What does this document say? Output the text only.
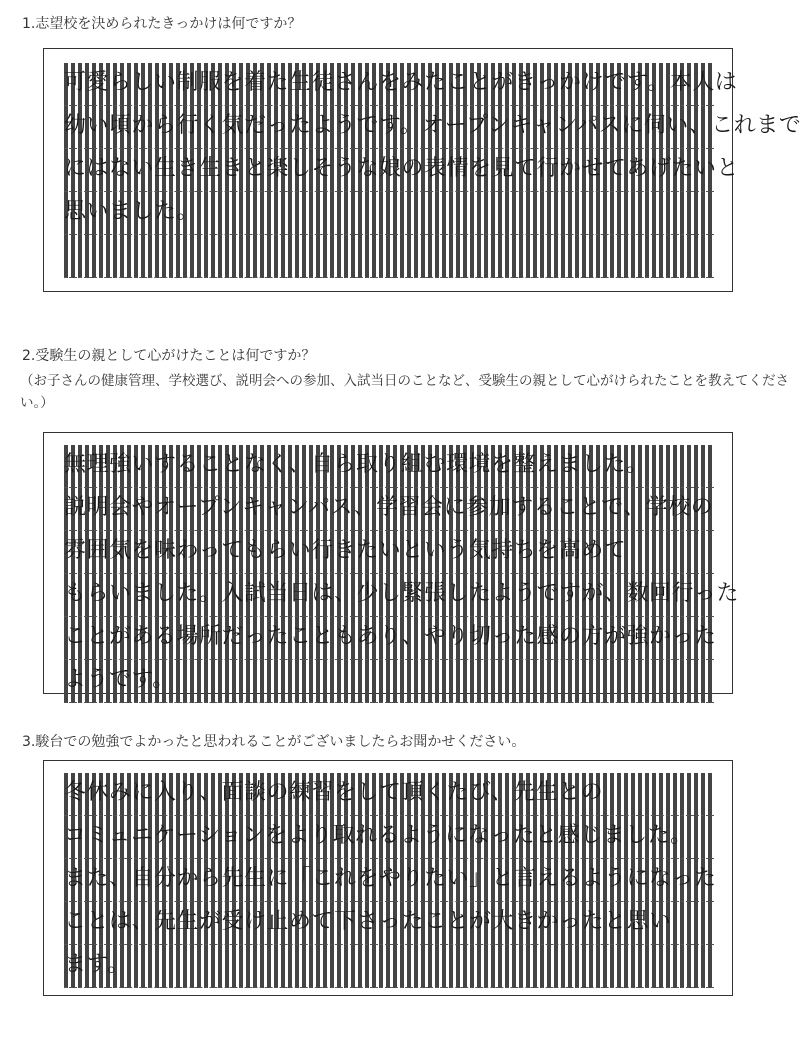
1.志望校を決められたきっかけは何ですか？
可愛らしい制服を着た生徒さんをみたことがきっかけです。本人は
幼い頃から行く気だったようです。オープンキャンパスに伺い、これまで
にはない生き生きと楽しそうな娘の表情を見て行かせてあげたいと
思いました。
2.受験生の親として心がけたことは何ですか？
（お子さんの健康管理、学校選び、説明会への参加、入試当日のことなど、受験生の親として心がけられたことを教えてください。）
無理強いすることなく、自ら取り組む環境を整えました。
説明会やオープンキャンパス、学習会に参加することで、学校の
雰囲気を味わってもらい行きたいという気持ちを高めて
もらいました。入試当日は、少し緊張したようですが、数回行った
ことがある場所だったこともあり、やり切った感の方が強かった
ようです。
3.駿台での勉強でよかったと思われることがございましたらお聞かせください。
冬休みに入り、面談の練習をして頂くたび、先生との
コミュニケーションをより取れるようになったと感じました。
また、自分から先生に「これをやりたい」と言えるようになった
ことは、先生が受け止めて下さったことが大きかったと思い
ます。
